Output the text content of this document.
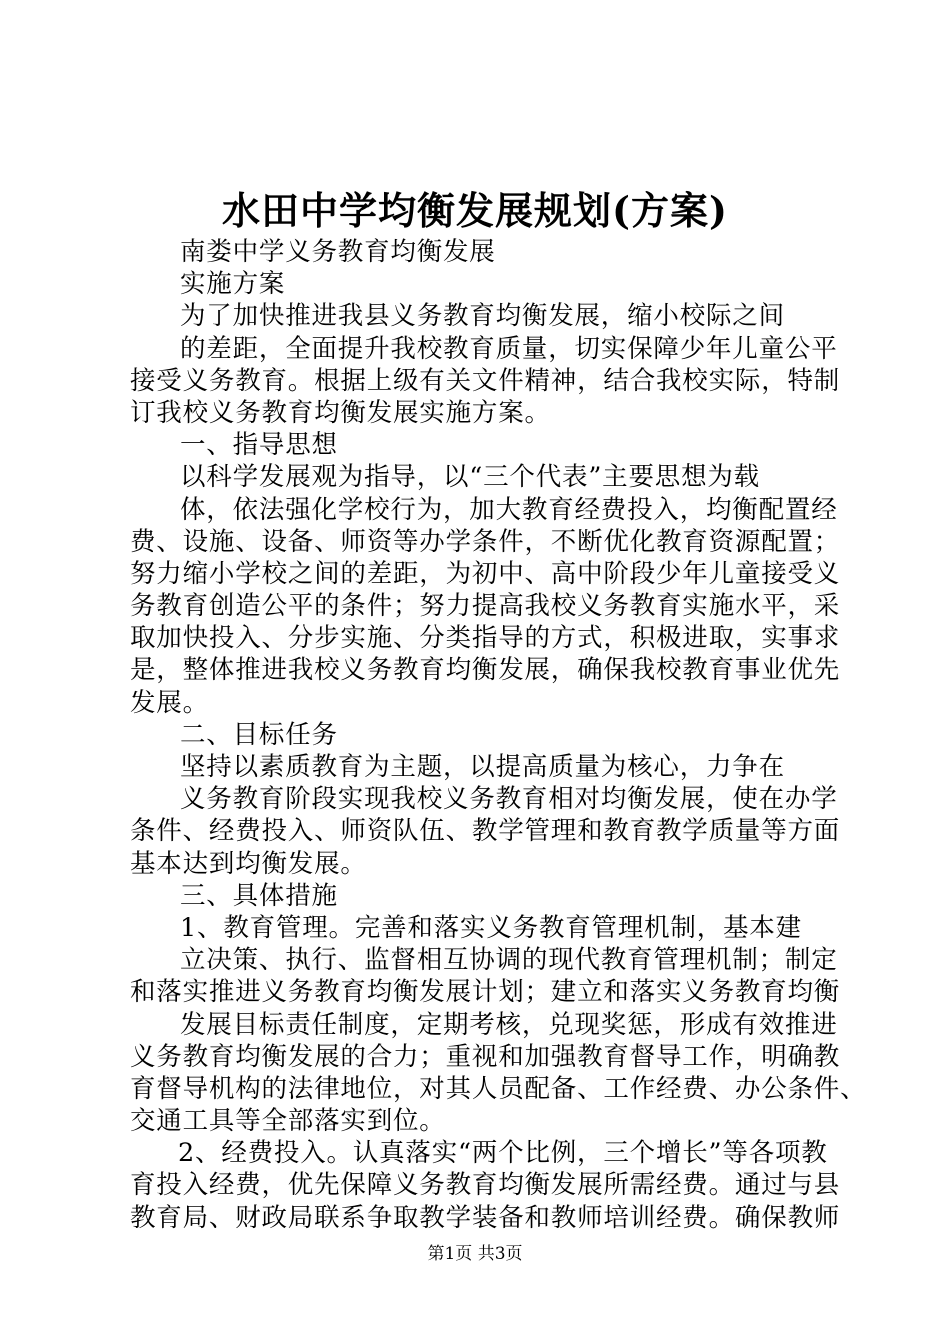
水田中学均衡发展规划(方案)
南娄中学义务教育均衡发展
实施方案
为了加快推进我县义务教育均衡发展，缩小校际之间
的差距，全面提升我校教育质量，切实保障少年儿童公平
接受义务教育。根据上级有关文件精神，结合我校实际，特制
订我校义务教育均衡发展实施方案。
一、指导思想
以科学发展观为指导，以“三个代表”主要思想为载
体，依法强化学校行为，加大教育经费投入，均衡配置经
费、设施、设备、师资等办学条件，不断优化教育资源配置；
努力缩小学校之间的差距，为初中、高中阶段少年儿童接受义
务教育创造公平的条件；努力提高我校义务教育实施水平，采
取加快投入、分步实施、分类指导的方式，积极进取，实事求
是，整体推进我校义务教育均衡发展，确保我校教育事业优先
发展。
二、目标任务
坚持以素质教育为主题，以提高质量为核心，力争在
义务教育阶段实现我校义务教育相对均衡发展，使在办学
条件、经费投入、师资队伍、教学管理和教育教学质量等方面
基本达到均衡发展。
三、具体措施
1、教育管理。完善和落实义务教育管理机制，基本建
立决策、执行、监督相互协调的现代教育管理机制；制定
和落实推进义务教育均衡发展计划；建立和落实义务教育均衡
发展目标责任制度，定期考核，兑现奖惩，形成有效推进
义务教育均衡发展的合力；重视和加强教育督导工作，明确教
育督导机构的法律地位，对其人员配备、工作经费、办公条件、
交通工具等全部落实到位。
2、经费投入。认真落实“两个比例，三个增长”等各项教
育投入经费，优先保障义务教育均衡发展所需经费。通过与县
教育局、财政局联系争取教学装备和教师培训经费。确保教师
第1页 共3页
